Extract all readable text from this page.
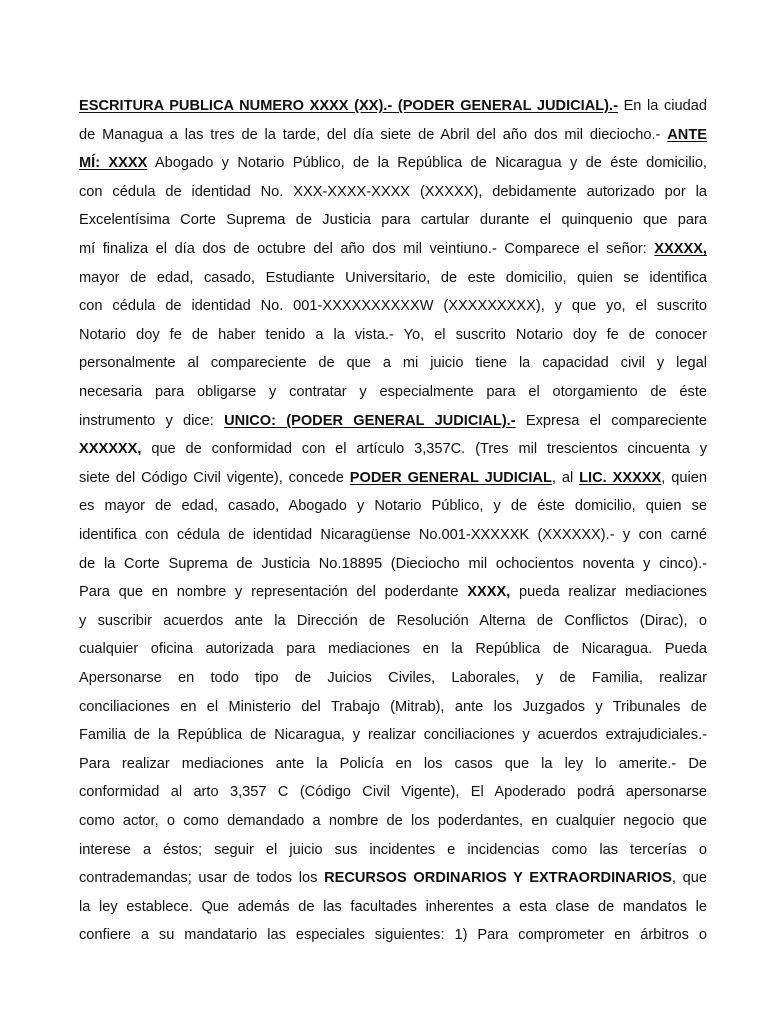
ESCRITURA PUBLICA NUMERO XXXX (XX).- (PODER GENERAL JUDICIAL).- En la ciudad
de Managua a las tres de la tarde, del día siete de Abril del año dos mil dieciocho.- ANTE
MÍ: XXXX Abogado y Notario Público, de la República de Nicaragua y de éste domicilio,
con cédula de identidad No. XXX-XXXX-XXXX (XXXXX), debidamente autorizado por la
Excelentísima Corte Suprema de Justicia para cartular durante el quinquenio que para
mí finaliza el día dos de octubre del año dos mil veintiuno.- Comparece el señor: XXXXX,
mayor de edad, casado, Estudiante Universitario, de este domicilio, quien se identifica
con cédula de identidad No. 001-XXXXXXXXXXW (XXXXXXXXX), y que yo, el suscrito
Notario doy fe de haber tenido a la vista.- Yo, el suscrito Notario doy fe de conocer
personalmente al compareciente de que a mi juicio tiene la capacidad civil y legal
necesaria para obligarse y contratar y especialmente para el otorgamiento de éste
instrumento y dice: UNICO: (PODER GENERAL JUDICIAL).- Expresa el compareciente
XXXXXX, que de conformidad con el artículo 3,357C. (Tres mil trescientos cincuenta y
siete del Código Civil vigente), concede PODER GENERAL JUDICIAL, al LIC. XXXXX, quien
es mayor de edad, casado, Abogado y Notario Público, y de éste domicilio, quien se
identifica con cédula de identidad Nicaragüense No.001-XXXXXK (XXXXXX).- y con carné
de la Corte Suprema de Justicia No.18895 (Dieciocho mil ochocientos noventa y cinco).-
Para que en nombre y representación del poderdante XXXX, pueda realizar mediaciones
y suscribir acuerdos ante la Dirección de Resolución Alterna de Conflictos (Dirac), o
cualquier oficina autorizada para mediaciones en la República de Nicaragua. Pueda
Apersonarse en todo tipo de Juicios Civiles, Laborales, y de Familia, realizar
conciliaciones en el Ministerio del Trabajo (Mitrab), ante los Juzgados y Tribunales de
Familia de la República de Nicaragua, y realizar conciliaciones y acuerdos extrajudiciales.-
Para realizar mediaciones ante la Policía en los casos que la ley lo amerite.- De
conformidad al arto 3,357 C (Código Civil Vigente), El Apoderado podrá apersonarse
como actor, o como demandado a nombre de los poderdantes, en cualquier negocio que
interese a éstos; seguir el juicio sus incidentes e incidencias como las tercerías o
contrademandas; usar de todos los RECURSOS ORDINARIOS Y EXTRAORDINARIOS, que
la ley establece. Que además de las facultades inherentes a esta clase de mandatos le
confiere a su mandatario las especiales siguientes: 1) Para comprometer en árbitros o
